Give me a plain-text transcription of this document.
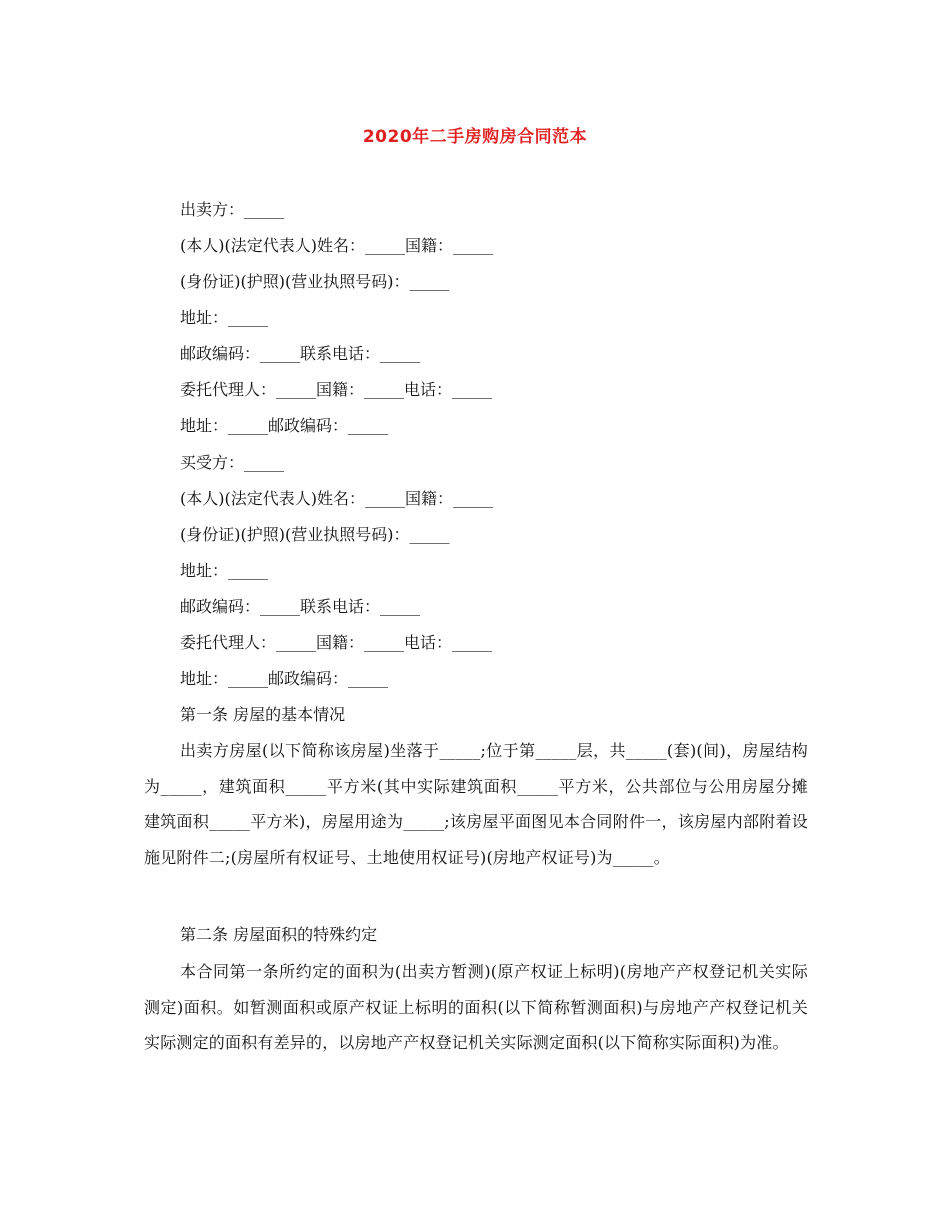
2020年二手房购房合同范本
出卖方：_____
(本人)(法定代表人)姓名：_____国籍：_____
(身份证)(护照)(营业执照号码)：_____
地址：_____
邮政编码：_____联系电话：_____
委托代理人：_____国籍：_____电话：_____
地址：_____邮政编码：_____
买受方：_____
(本人)(法定代表人)姓名：_____国籍：_____
(身份证)(护照)(营业执照号码)：_____
地址：_____
邮政编码：_____联系电话：_____
委托代理人：_____国籍：_____电话：_____
地址：_____邮政编码：_____
第一条 房屋的基本情况
出卖方房屋(以下简称该房屋)坐落于_____;位于第_____层，共_____(套)(间)，房屋结构为_____，建筑面积_____平方米(其中实际建筑面积_____平方米，公共部位与公用房屋分摊建筑面积_____平方米)，房屋用途为_____;该房屋平面图见本合同附件一，该房屋内部附着设施见附件二;(房屋所有权证号、土地使用权证号)(房地产权证号)为_____。
第二条 房屋面积的特殊约定
本合同第一条所约定的面积为(出卖方暂测)(原产权证上标明)(房地产产权登记机关实际测定)面积。如暂测面积或原产权证上标明的面积(以下简称暂测面积)与房地产产权登记机关实际测定的面积有差异的，以房地产产权登记机关实际测定面积(以下简称实际面积)为准。
